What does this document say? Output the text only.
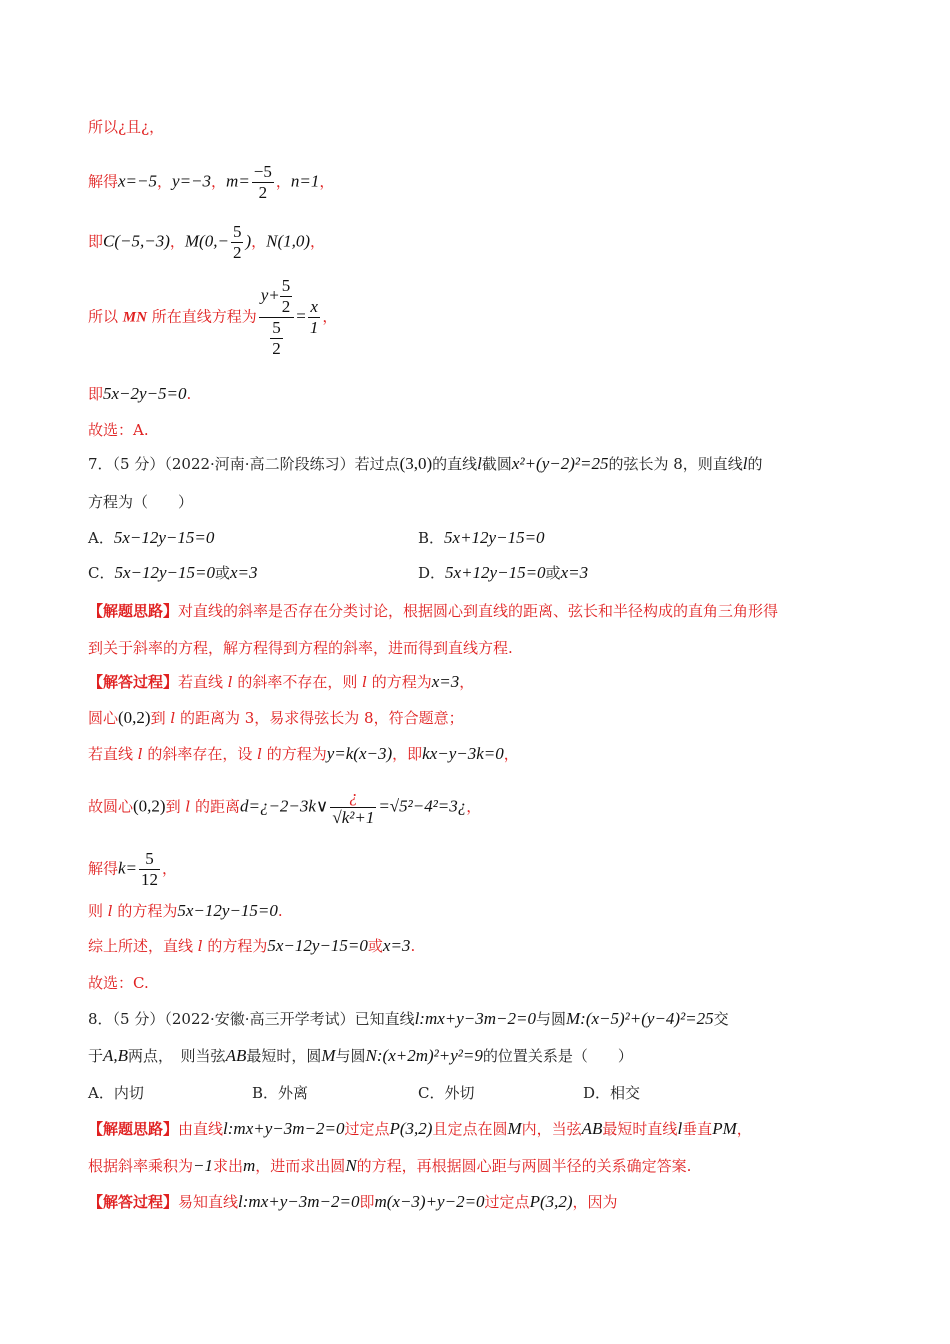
所以¿且¿，
解得x=−5，y=−3，$m= \frac{-5}{2}$ ，n=1，
即C(−5,−3)，$M(0,- \frac{5}{2}$ )，N(1,0)，
所以 MN 所在直线方程为 $\frac{y+ \frac{5}{2}}{\frac{5}{2}} = \frac{x}{1}$ ，
即5x−2y−5=0.
故选：A.
7．（5 分）（2022·河南·高二阶段练习）若过点(3,0)的直线l截圆x²+(y−2)²=25的弦长为 8，则直线l的
方程为（　　）
A．5x−12y−15=0	B．5x+12y−15=0
C．5x−12y−15=0或x=3	D．5x+12y−15=0或x=3
【解题思路】对直线的斜率是否存在分类讨论，根据圆心到直线的距离、弦长和半径构成的直角三角形得
到关于斜率的方程，解方程得到方程的斜率，进而得到直线方程.
【解答过程】若直线 l 的斜率不存在，则 l 的方程为x=3，
圆心(0,2)到 l 的距离为 3，易求得弦长为 8，符合题意；
若直线 l 的斜率存在，设 l 的方程为y=k(x−3)，即kx−y−3k=0，
故圆心(0,2)到 l 的距离d=¿−2−3k∨ $\frac{¿}{\text{√k²+1}}$ =√5²−4²=3¿，
解得$k= \frac{5}{12}$ ，
则 l 的方程为5x−12y−15=0.
综上所述，直线 l 的方程为5x−12y−15=0或x=3.
故选：C.
8．（5 分）（2022·安徽·高三开学考试）已知直线l:mx+y−3m−2=0与圆M:(x−5)²+(y−4)²=25交
于A,B两点，　则当弦AB最短时，圆M与圆N:(x+2m)²+y²=9的位置关系是（　　）
A．内切	B．外离	C．外切	D．相交
【解题思路】由直线l:mx+y−3m−2=0过定点P(3,2)且定点在圆M内，当弦AB最短时直线l垂直PM，
根据斜率乘积为−1求出m，进而求出圆N的方程，再根据圆心距与两圆半径的关系确定答案.
【解答过程】易知直线l:mx+y−3m−2=0即m(x−3)+y−2=0过定点P(3,2)，因为
